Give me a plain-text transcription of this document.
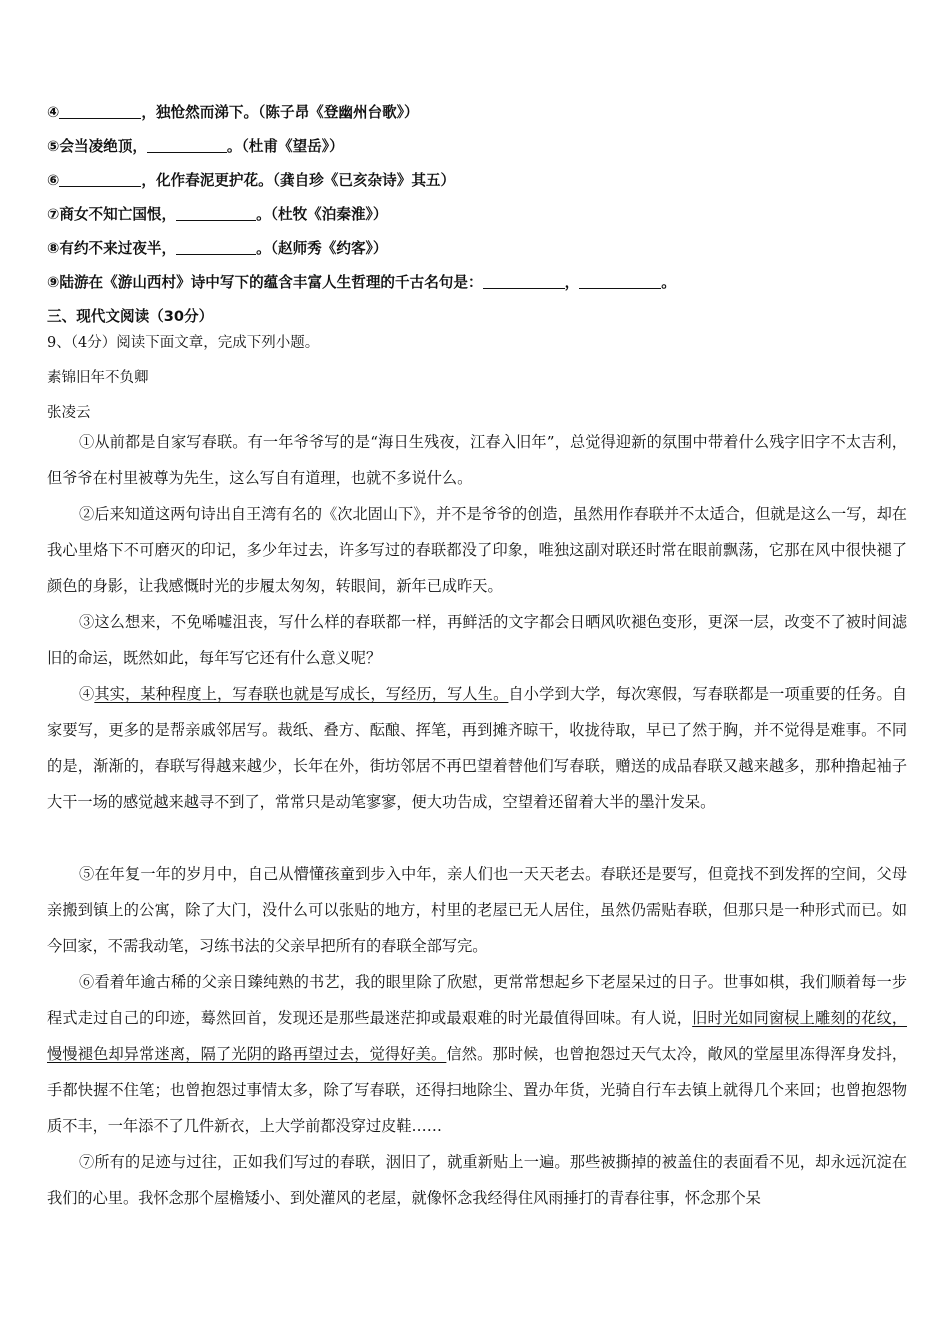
④	，独怆然而涕下。（陈子昂《登幽州台歌》）
⑤会当凌绝顶，	。（杜甫《望岳》）
⑥	，化作春泥更护花。（龚自珍《已亥杂诗》其五）
⑦商女不知亡国恨，	。（杜牧《泊秦淮》）
⑧有约不来过夜半，	。（赵师秀《约客》）
⑨陆游在《游山西村》诗中写下的蕴含丰富人生哲理的千古名句是：	，	。
三、现代文阅读（30分）
9、（4分）阅读下面文章，完成下列小题。
素锦旧年不负卿
张凌云
①从前都是自家写春联。有一年爷爷写的是“海日生残夜，江春入旧年”，总觉得迎新的氛围中带着什么残字旧字不太吉利，但爷爷在村里被尊为先生，这么写自有道理，也就不多说什么。
②后来知道这两句诗出自王湾有名的《次北固山下》，并不是爷爷的创造，虽然用作春联并不太适合，但就是这么一写，却在我心里烙下不可磨灭的印记，多少年过去，许多写过的春联都没了印象，唯独这副对联还时常在眼前飘荡，它那在风中很快褪了颜色的身影，让我感慨时光的步履太匆匆，转眼间，新年已成昨天。
③这么想来，不免唏嘘沮丧，写什么样的春联都一样，再鲜活的文字都会日晒风吹褪色变形，更深一层，改变不了被时间滤旧的命运，既然如此，每年写它还有什么意义呢？
④其实，某种程度上，写春联也就是写成长，写经历，写人生。自小学到大学，每次寒假，写春联都是一项重要的任务。自家要写，更多的是帮亲戚邻居写。裁纸、叠方、酝酿、挥笔，再到摊齐晾干，收拢待取，早已了然于胸，并不觉得是难事。不同的是，渐渐的，春联写得越来越少，长年在外，街坊邻居不再巴望着替他们写春联，赠送的成品春联又越来越多，那种撸起袖子大干一场的感觉越来越寻不到了，常常只是动笔寥寥，便大功告成，空望着还留着大半的墨汁发呆。
⑤在年复一年的岁月中，自己从懵懂孩童到步入中年，亲人们也一天天老去。春联还是要写，但竟找不到发挥的空间，父母亲搬到镇上的公寓，除了大门，没什么可以张贴的地方，村里的老屋已无人居住，虽然仍需贴春联，但那只是一种形式而已。如今回家，不需我动笔，习练书法的父亲早把所有的春联全部写完。
⑥看着年逾古稀的父亲日臻纯熟的书艺，我的眼里除了欣慰，更常常想起乡下老屋呆过的日子。世事如棋，我们顺着每一步程式走过自己的印迹，蓦然回首，发现还是那些最迷茫抑或最艰难的时光最值得回味。有人说，旧时光如同窗棂上雕刻的花纹，慢慢褪色却异常迷离，隔了光阴的路再望过去，觉得好美。信然。那时候，也曾抱怨过天气太冷，敞风的堂屋里冻得浑身发抖，手都快握不住笔；也曾抱怨过事情太多，除了写春联，还得扫地除尘、置办年货，光骑自行车去镇上就得几个来回；也曾抱怨物质不丰，一年添不了几件新衣，上大学前都没穿过皮鞋……
⑦所有的足迹与过往，正如我们写过的春联，洇旧了，就重新贴上一遍。那些被撕掉的被盖住的表面看不见，却永远沉淀在我们的心里。我怀念那个屋檐矮小、到处灌风的老屋，就像怀念我经得住风雨捶打的青春往事，怀念那个呆
